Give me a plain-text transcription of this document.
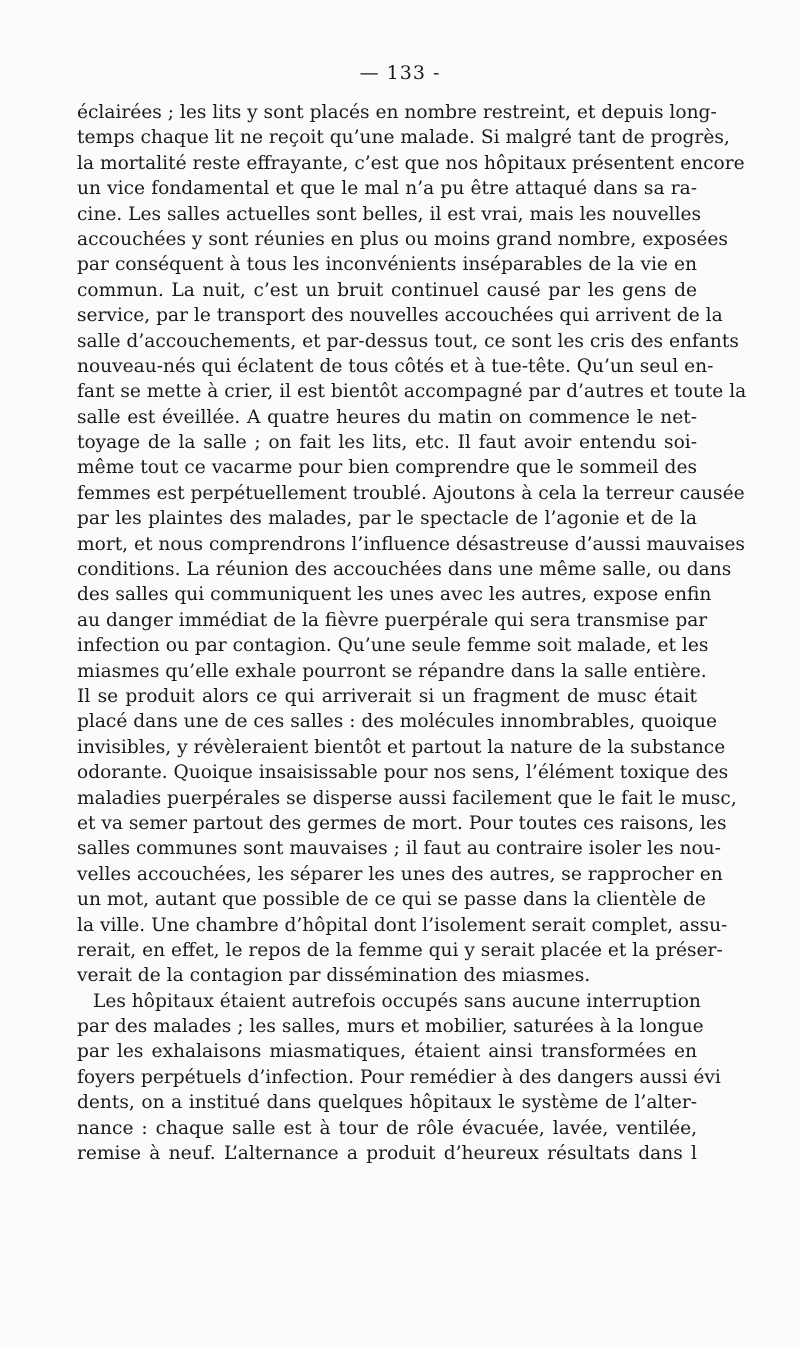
— 133 -
éclairées ; les lits y sont placés en nombre restreint, et depuis long-
temps chaque lit ne reçoit qu’une malade. Si malgré tant de progrès,
la mortalité reste effrayante, c’est que nos hôpitaux présentent encore
un vice fondamental et que le mal n’a pu être attaqué dans sa ra-
cine. Les salles actuelles sont belles, il est vrai, mais les nouvelles
accouchées y sont réunies en plus ou moins grand nombre, exposées
par conséquent à tous les inconvénients inséparables de la vie en
commun. La nuit, c’est un bruit continuel causé par les gens de
service, par le transport des nouvelles accouchées qui arrivent de la
salle d’accouchements, et par-dessus tout, ce sont les cris des enfants
nouveau-nés qui éclatent de tous côtés et à tue-tête. Qu’un seul en-
fant se mette à crier, il est bientôt accompagné par d’autres et toute la
salle est éveillée. A quatre heures du matin on commence le net-
toyage de la salle ; on fait les lits, etc. Il faut avoir entendu soi-
même tout ce vacarme pour bien comprendre que le sommeil des
femmes est perpétuellement troublé. Ajoutons à cela la terreur causée
par les plaintes des malades, par le spectacle de l’agonie et de la
mort, et nous comprendrons l’influence désastreuse d’aussi mauvaises
conditions. La réunion des accouchées dans une même salle, ou dans
des salles qui communiquent les unes avec les autres, expose enfin
au danger immédiat de la fièvre puerpérale qui sera transmise par
infection ou par contagion. Qu’une seule femme soit malade, et les
miasmes qu’elle exhale pourront se répandre dans la salle entière.
Il se produit alors ce qui arriverait si un fragment de musc était
placé dans une de ces salles : des molécules innombrables, quoique
invisibles, y révèleraient bientôt et partout la nature de la substance
odorante. Quoique insaisissable pour nos sens, l’élément toxique des
maladies puerpérales se disperse aussi facilement que le fait le musc,
et va semer partout des germes de mort. Pour toutes ces raisons, les
salles communes sont mauvaises ; il faut au contraire isoler les nou-
velles accouchées, les séparer les unes des autres, se rapprocher en
un mot, autant que possible de ce qui se passe dans la clientèle de
la ville. Une chambre d’hôpital dont l’isolement serait complet, assu-
rerait, en effet, le repos de la femme qui y serait placée et la préser-
verait de la contagion par dissémination des miasmes.
Les hôpitaux étaient autrefois occupés sans aucune interruption
par des malades ; les salles, murs et mobilier, saturées à la longue
par les exhalaisons miasmatiques, étaient ainsi transformées en
foyers perpétuels d’infection. Pour remédier à des dangers aussi évi
dents, on a institué dans quelques hôpitaux le système de l’alter-
nance : chaque salle est à tour de rôle évacuée, lavée, ventilée,
remise à neuf. L’alternance a produit d’heureux résultats dans l
